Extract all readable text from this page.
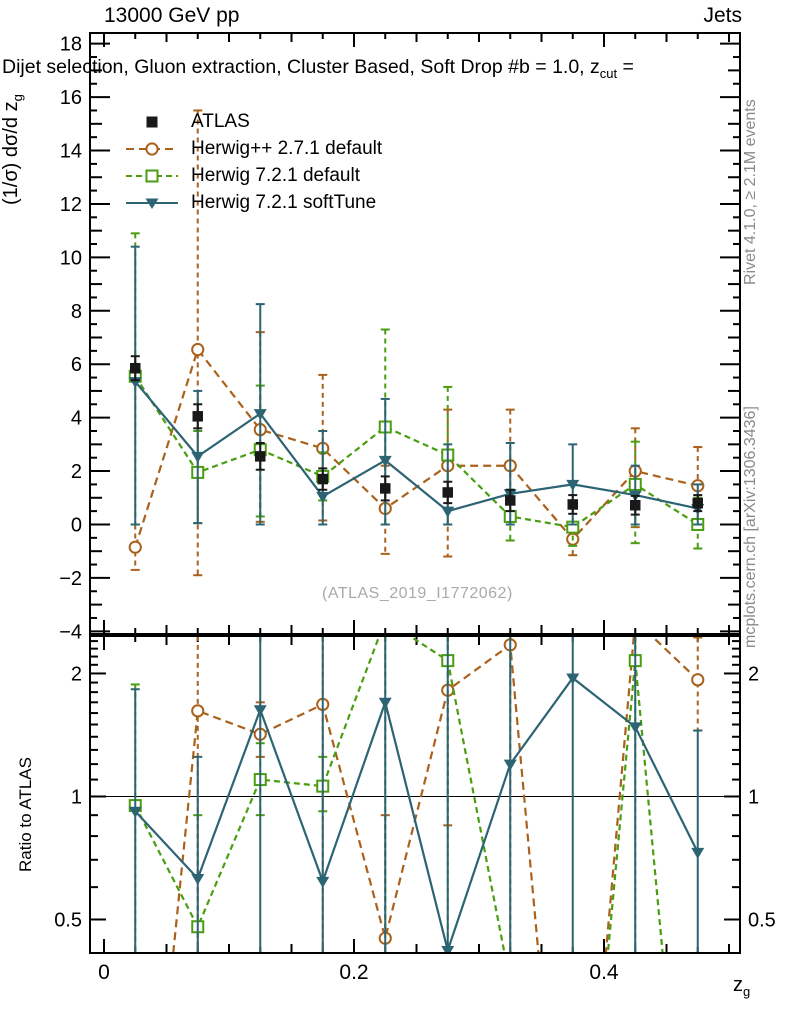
−4
−2
0
2
4
6
8
10
12
14
16
18
0.5	0.5
1	1
2	2
0	0.2	0.4
13000 GeV pp	Jets
Dijet selection, Gluon extraction, Cluster Based, Soft Drop #b = 1.0, $z_{cut}$ =
(1/σ) dσ/d $z_g$
Ratio to ATLAS
$z_g$
Rivet 4.1.0, ≥ 2.1M events
mcplots.cern.ch [arXiv:1306.3436]
(ATLAS_2019_I1772062)
ATLAS
Herwig++ 2.7.1 default
Herwig 7.2.1 default
Herwig 7.2.1 softTune
